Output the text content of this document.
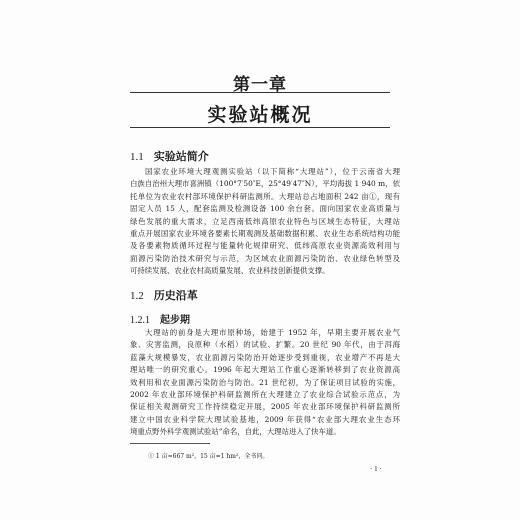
第一章
实验站概况
1.1 实验站简介
国家农业环境大理观测实验站（以下简称“大理站”），位于云南省大理
白族自治州大理市喜洲镇（100°7′50″E，25°49′47″N），平均海拔 1 940 m，依
托单位为农业农村部环境保护科研监测所。大理站总占地面积 242 亩①，现有
固定人员 15 人，配套监测及检测设备 100 余台套。面向国家农业高质量与
绿色发展的重大需求，立足西南低纬高原农业特色与区域生态特征，大理站
重点开展国家农业环境各要素长期观测及基础数据积累、农业生态系统结构功能
及各要素物质循环过程与能量转化规律研究、低纬高原农业资源高效利用与
面源污染防治技术研究与示范，为区域农业面源污染防治、农业绿色转型及
可持续发展、农业农村高质量发展、农业科技创新提供支撑。
1.2 历史沿革
1.2.1 起步期
大理站的前身是大理市原种场，始建于 1952 年，早期主要开展农业气
象、灾害监测，良原种（水稻）的试验、扩繁。20 世纪 90 年代，由于洱海
蓝藻大规模暴发，农业面源污染防治开始逐步受到重视，农业增产不再是大
理站唯一的研究重心。1996 年起大理站工作重心逐渐转移到了农业资源高
效利用和农业面源污染防治与防治。21 世纪初，为了保证项目试验的实施，
2002 年农业部环境保护科研监测所在大理建立了农业综合试验示范点，为
保证相关观测研究工作持续稳定开展，2005 年农业部环境保护科研监测所
建立中国农业科学院大理试验基地，2009 年获得“农业部大理农业生态环
境重点野外科学观测试验站”命名，自此，大理站进入了快车道。
① 1 亩≈667 m²，15 亩=1 hm²，全书同。
· 1 ·
